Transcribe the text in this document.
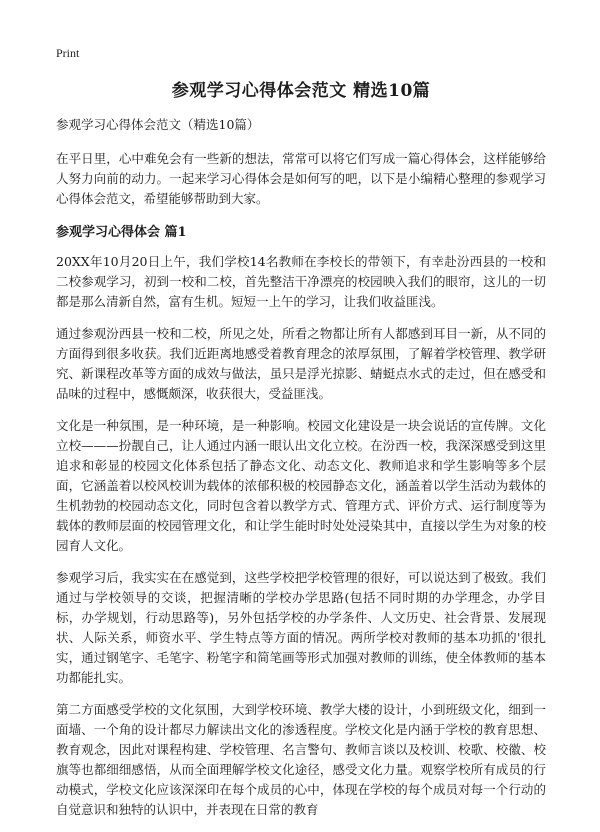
Print
参观学习心得体会范文 精选10篇
参观学习心得体会范文（精选10篇）

在平日里，心中难免会有一些新的想法，常常可以将它们写成一篇心得体会，这样能够给人努力向前的动力。一起来学习心得体会是如何写的吧，以下是小编精心整理的参观学习心得体会范文，希望能够帮助到大家。

参观学习心得体会 篇1

20XX年10月20日上午，我们学校14名教师在李校长的带领下，有幸赴汾西县的一校和二校参观学习，初到一校和二校，首先整洁干净漂亮的校园映入我们的眼帘，这儿的一切都是那么清新自然，富有生机。短短一上午的学习，让我们收益匪浅。

通过参观汾西县一校和二校，所见之处，所看之物都让所有人都感到耳目一新，从不同的方面得到很多收获。我们近距离地感受着教育理念的浓厚氛围，了解着学校管理、教学研究、新课程改革等方面的成效与做法，虽只是浮光掠影、蜻蜓点水式的走过，但在感受和品味的过程中，感慨颇深，收获很大，受益匪浅。

文化是一种氛围，是一种环境，是一种影响。校园文化建设是一块会说话的宣传牌。文化立校———扮靓自己，让人通过内涵一眼认出文化立校。在汾西一校，我深深感受到这里追求和彰显的校园文化体系包括了静态文化、动态文化、教师追求和学生影响等多个层面，它涵盖着以校风校训为载体的浓郁积极的校园静态文化，涵盖着以学生活动为载体的生机勃勃的校园动态文化，同时包含着以教学方式、管理方式、评价方式、运行制度等为载体的教师层面的校园管理文化，和让学生能时时处处浸染其中，直接以学生为对象的校园育人文化。

参观学习后，我实实在在感觉到，这些学校把学校管理的很好，可以说达到了极致。我们通过与学校领导的交谈，把握清晰的学校办学思路(包括不同时期的办学理念，办学目标，办学规划，行动思路等)，另外包括学校的办学条件、人文历史、社会背景、发展现状、人际关系，师资水平、学生特点等方面的情况。两所学校对教师的基本功抓的'很扎实，通过钢笔字、毛笔字、粉笔字和简笔画等形式加强对教师的训练，使全体教师的基本功都能扎实。

第二方面感受学校的文化氛围，大到学校环境、教学大楼的设计，小到班级文化，细到一面墙、一个角的设计都尽力解读出文化的渗透程度。学校文化是内涵于学校的教育思想、教育观念，因此对课程构建、学校管理、名言警句、教师言谈以及校训、校歌、校徽、校旗等也都细细感悟，从而全面理解学校文化途径，感受文化力量。观察学校所有成员的行动模式，学校文化应该深深印在每个成员的心中，体现在学校的每个成员对每一个行动的自觉意识和独特的认识中，并表现在日常的教育
